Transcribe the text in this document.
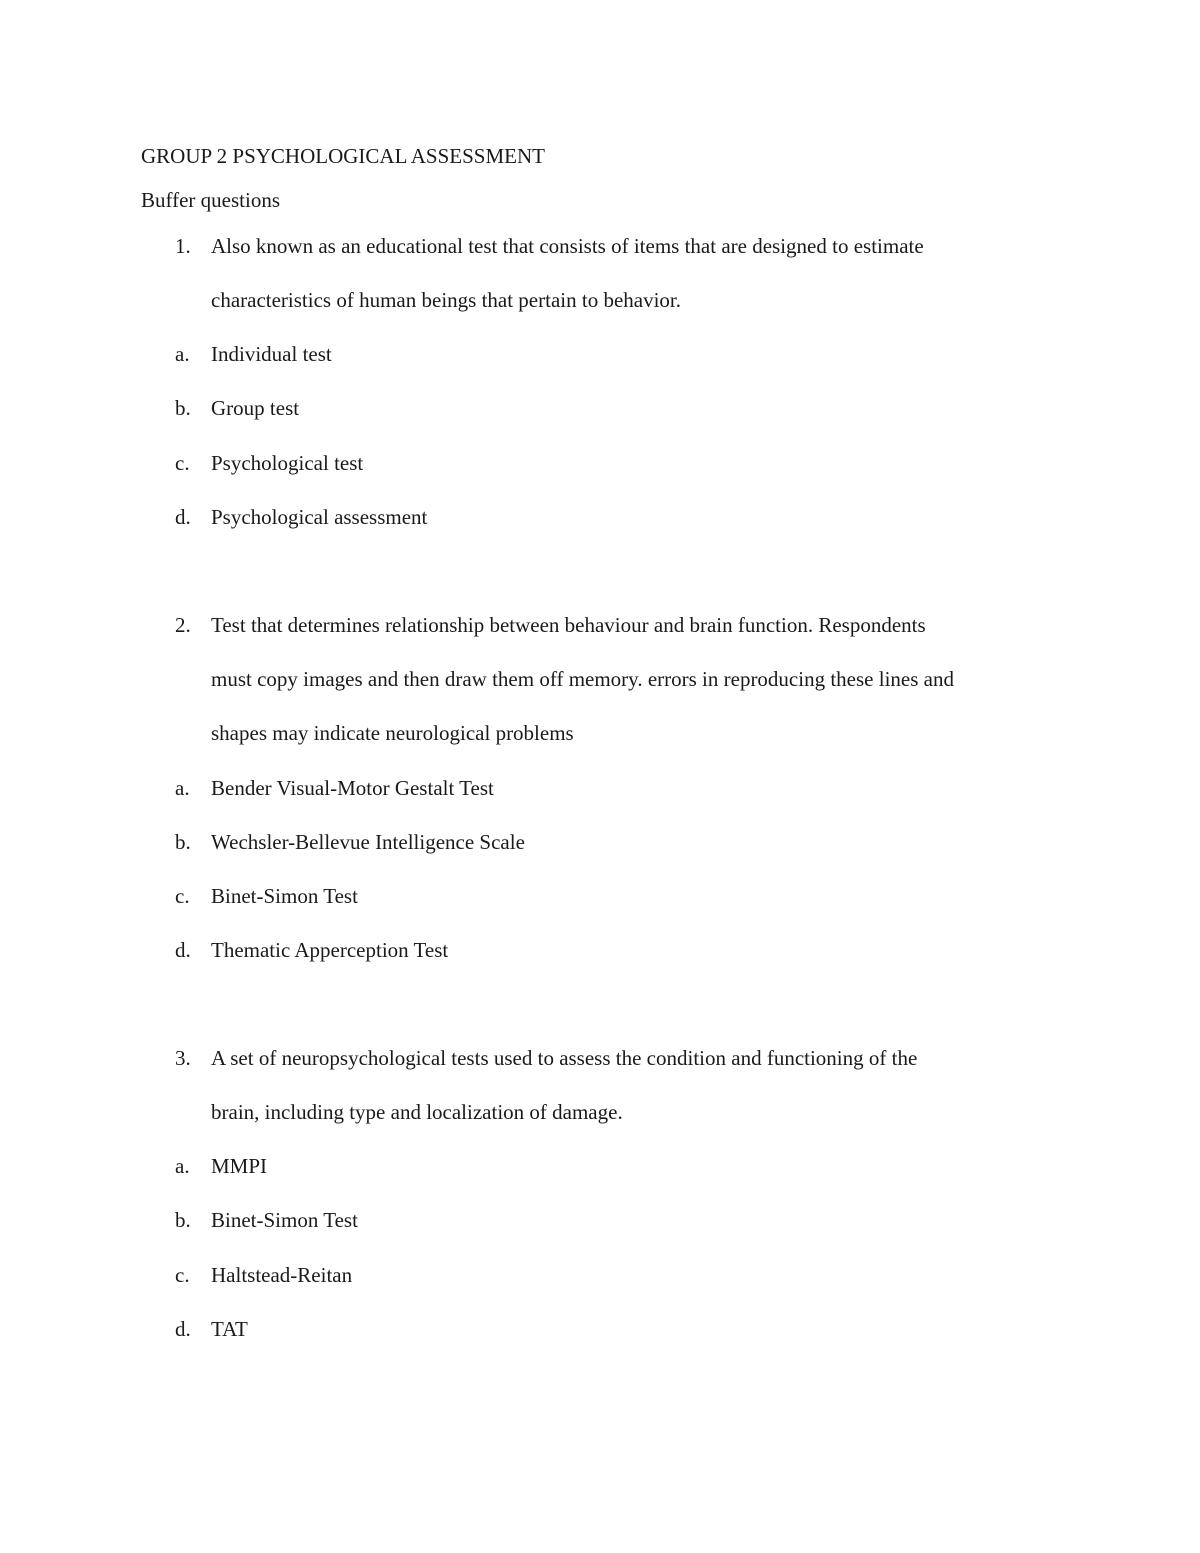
GROUP 2 PSYCHOLOGICAL ASSESSMENT
Buffer questions
1. Also known as an educational test that consists of items that are designed to estimate
characteristics of human beings that pertain to behavior.
a. Individual test
b. Group test
c. Psychological test
d. Psychological assessment
2. Test that determines relationship between behaviour and brain function. Respondents
must copy images and then draw them off memory. errors in reproducing these lines and
shapes may indicate neurological problems
a. Bender Visual-Motor Gestalt Test
b. Wechsler-Bellevue Intelligence Scale
c. Binet-Simon Test
d. Thematic Apperception Test
3. A set of neuropsychological tests used to assess the condition and functioning of the
brain, including type and localization of damage.
a. MMPI
b. Binet-Simon Test
c. Haltstead-Reitan
d. TAT
